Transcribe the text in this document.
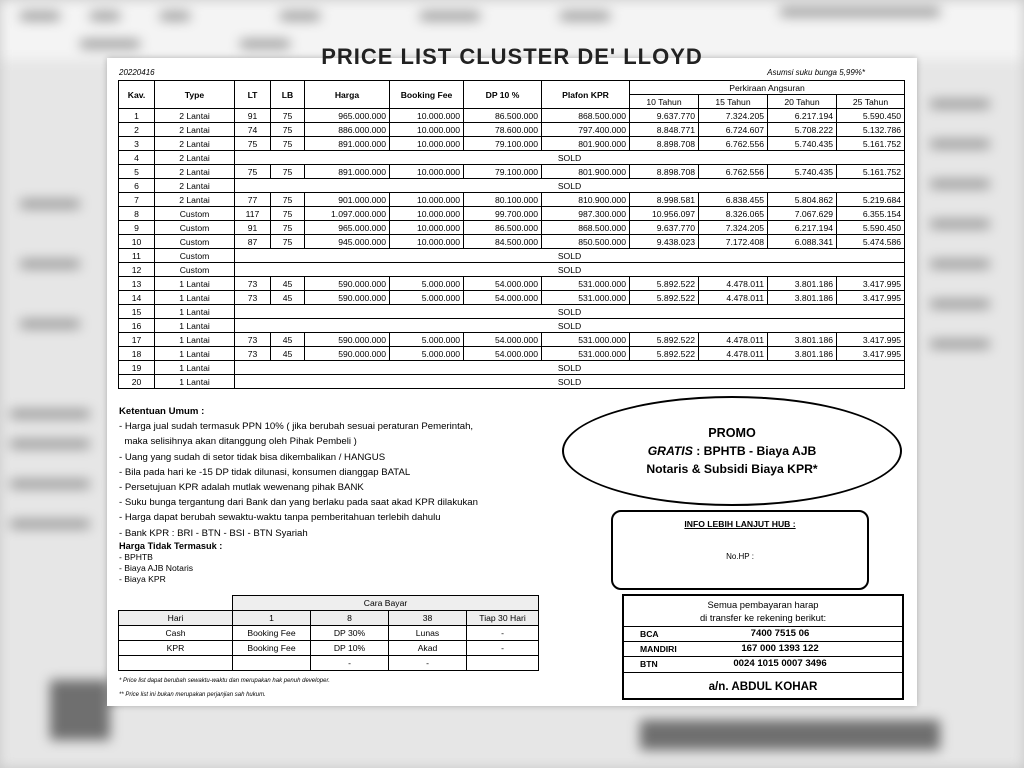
PRICE LIST CLUSTER DE' LLOYD
20220416	Asumsi suku bunga 5,99%*
Kav.	Type	LT	LB	Harga	Booking Fee	DP 10 %	Plafon KPR	Perkiraan Angsuran			
								10 Tahun	15 Tahun	20 Tahun	25 Tahun
1	2 Lantai	91	75	965.000.000	10.000.000	86.500.000	868.500.000	9.637.770	7.324.205	6.217.194	5.590.450
2	2 Lantai	74	75	886.000.000	10.000.000	78.600.000	797.400.000	8.848.771	6.724.607	5.708.222	5.132.786
3	2 Lantai	75	75	891.000.000	10.000.000	79.100.000	801.900.000	8.898.708	6.762.556	5.740.435	5.161.752
4	2 Lantai	SOLD									
5	2 Lantai	75	75	891.000.000	10.000.000	79.100.000	801.900.000	8.898.708	6.762.556	5.740.435	5.161.752
6	2 Lantai	SOLD									
7	2 Lantai	77	75	901.000.000	10.000.000	80.100.000	810.900.000	8.998.581	6.838.455	5.804.862	5.219.684
8	Custom	117	75	1.097.000.000	10.000.000	99.700.000	987.300.000	10.956.097	8.326.065	7.067.629	6.355.154
9	Custom	91	75	965.000.000	10.000.000	86.500.000	868.500.000	9.637.770	7.324.205	6.217.194	5.590.450
10	Custom	87	75	945.000.000	10.000.000	84.500.000	850.500.000	9.438.023	7.172.408	6.088.341	5.474.586
11	Custom	SOLD									
12	Custom	SOLD									
13	1 Lantai	73	45	590.000.000	5.000.000	54.000.000	531.000.000	5.892.522	4.478.011	3.801.186	3.417.995
14	1 Lantai	73	45	590.000.000	5.000.000	54.000.000	531.000.000	5.892.522	4.478.011	3.801.186	3.417.995
15	1 Lantai	SOLD									
16	1 Lantai	SOLD									
17	1 Lantai	73	45	590.000.000	5.000.000	54.000.000	531.000.000	5.892.522	4.478.011	3.801.186	3.417.995
18	1 Lantai	73	45	590.000.000	5.000.000	54.000.000	531.000.000	5.892.522	4.478.011	3.801.186	3.417.995
19	1 Lantai	SOLD									
20	1 Lantai	SOLD									
Ketentuan Umum :
- Harga jual sudah termasuk PPN 10% ( jika berubah sesuai peraturan Pemerintah,
maka selisihnya akan ditanggung oleh Pihak Pembeli )
- Uang yang sudah di setor tidak bisa dikembalikan / HANGUS
- Bila pada hari ke -15 DP tidak dilunasi, konsumen dianggap BATAL
- Persetujuan KPR adalah mutlak wewenang pihak BANK
- Suku bunga tergantung dari Bank dan yang berlaku pada saat akad KPR dilakukan
- Harga dapat berubah sewaktu-waktu tanpa pemberitahuan terlebih dahulu
- Bank KPR : BRI - BTN - BSI - BTN Syariah
Harga Tidak Termasuk :
- BPHTB
- Biaya AJB Notaris
- Biaya KPR
	Cara Bayar			
Hari	1	8	38	Tiap 30 Hari
Cash	Booking Fee	DP 30%	Lunas	-
KPR	Booking Fee	DP 10%	Akad	-
		-	-	
* Price list dapat berubah sewaktu-waktu dan merupakan hak penuh developer.
** Price list ini bukan merupakan perjanjian sah hukum.
PROMO
GRATIS : BPHTB - Biaya AJB
Notaris & Subsidi Biaya KPR*
INFO LEBIH LANJUT HUB :
No.HP :
Semua pembayaran harap
di transfer ke rekening berikut:
BCA	7400 7515 06
MANDIRI	167 000 1393 122
BTN	0024 1015 0007 3496
a/n. ABDUL KOHAR
